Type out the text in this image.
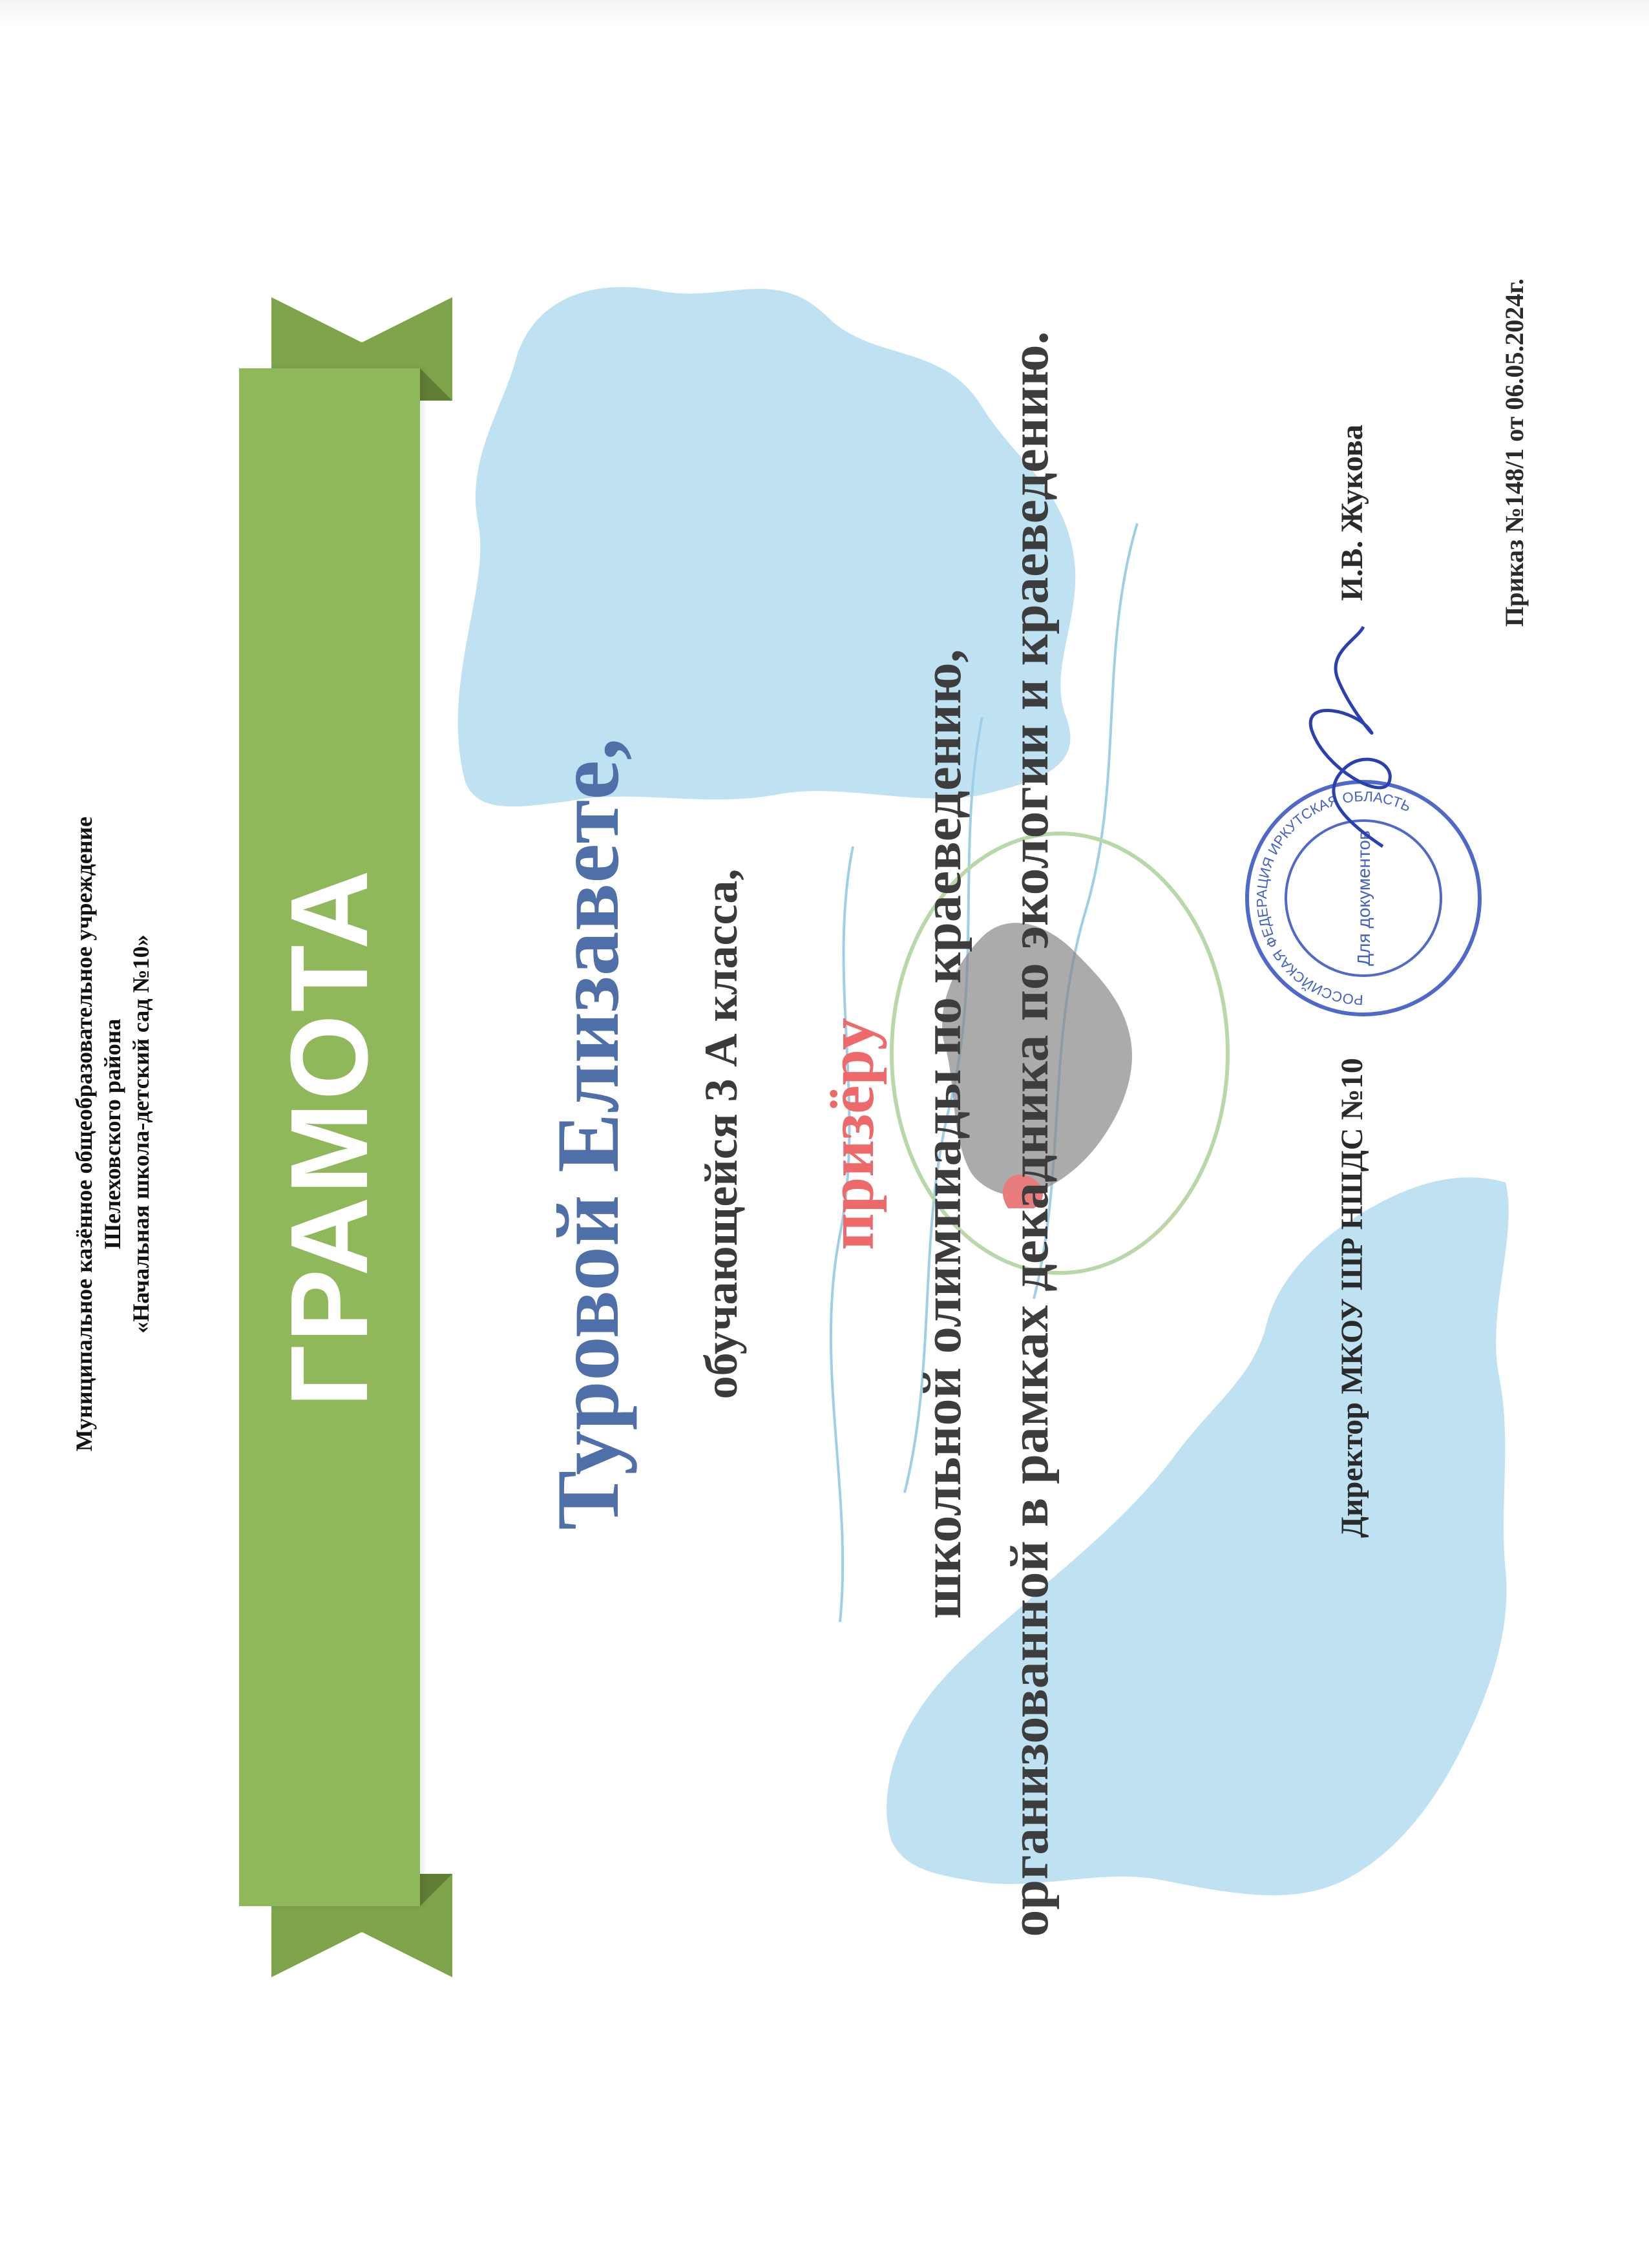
Муниципальное казённое общеобразовательное учреждение Шелеховского района «Начальная школа-детский сад №10» ГРАМОТА	Туровой Елизавете, обучающейся 3 А класса, призёру школьной олимпиады по краеведению, организованной в рамках декадника по экологии и краеведению.	РОССИЙСКАЯ ФЕДЕРАЦИЯ ИРКУТСКАЯ ОБЛАСТЬ
Для документов
Директор МКОУ ШР НШДС №10
И.В. Жукова	Приказ №148/1 от 06.05.2024г.
